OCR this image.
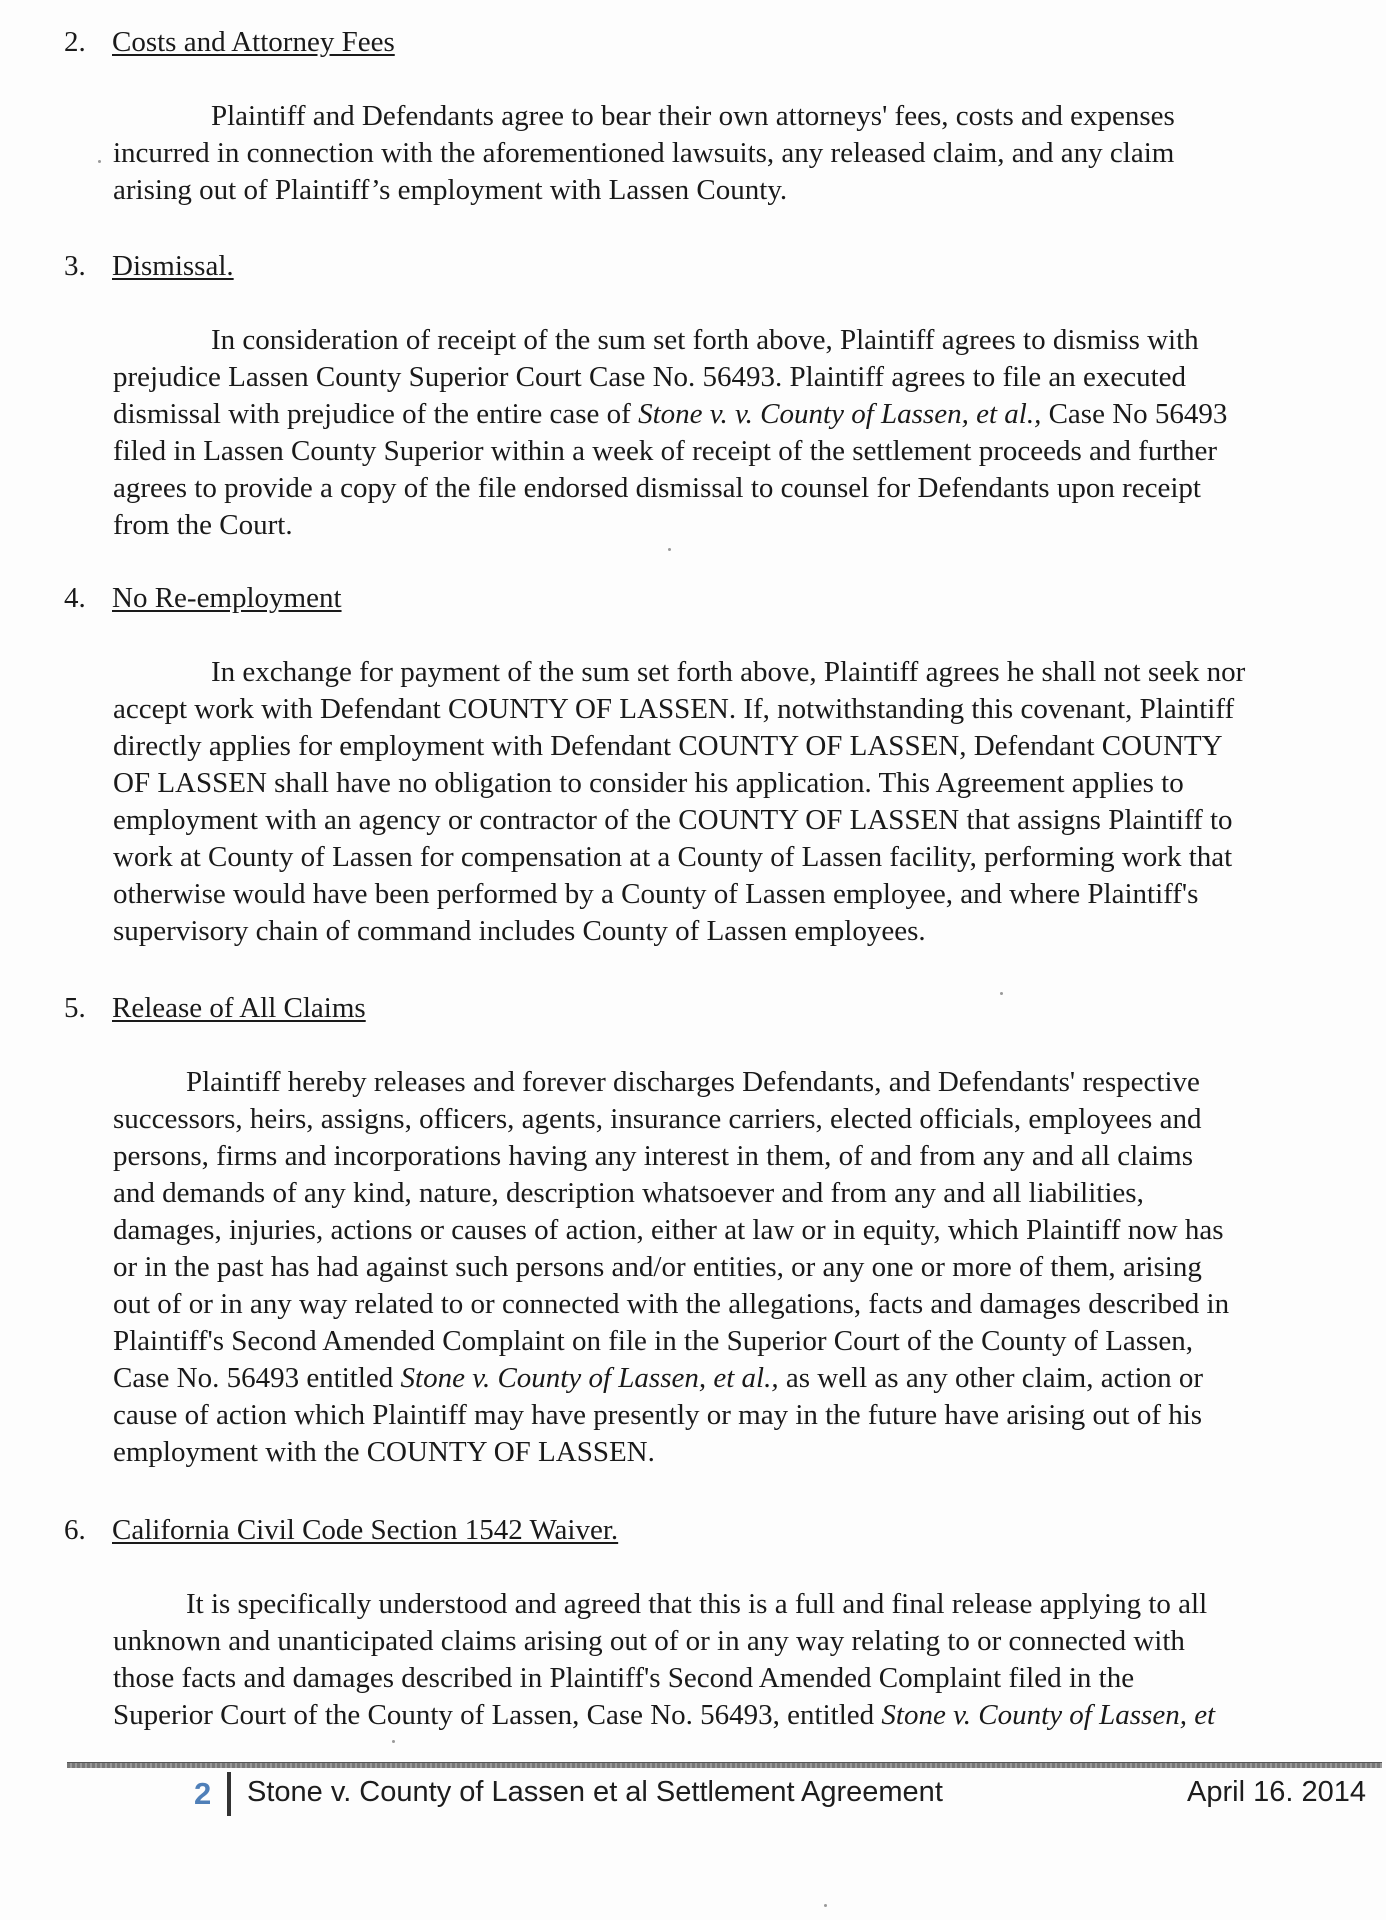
2. Costs and Attorney Fees
Plaintiff and Defendants agree to bear their own attorneys' fees, costs and expenses
incurred in connection with the aforementioned lawsuits, any released claim, and any claim
arising out of Plaintiff’s employment with Lassen County.
3. Dismissal.
In consideration of receipt of the sum set forth above, Plaintiff agrees to dismiss with
prejudice Lassen County Superior Court Case No. 56493. Plaintiff agrees to file an executed
dismissal with prejudice of the entire case of Stone v. v. County of Lassen, et al., Case No 56493
filed in Lassen County Superior within a week of receipt of the settlement proceeds and further
agrees to provide a copy of the file endorsed dismissal to counsel for Defendants upon receipt
from the Court.
4. No Re-employment
In exchange for payment of the sum set forth above, Plaintiff agrees he shall not seek nor
accept work with Defendant COUNTY OF LASSEN. If, notwithstanding this covenant, Plaintiff
directly applies for employment with Defendant COUNTY OF LASSEN, Defendant COUNTY
OF LASSEN shall have no obligation to consider his application. This Agreement applies to
employment with an agency or contractor of the COUNTY OF LASSEN that assigns Plaintiff to
work at County of Lassen for compensation at a County of Lassen facility, performing work that
otherwise would have been performed by a County of Lassen employee, and where Plaintiff's
supervisory chain of command includes County of Lassen employees.
5. Release of All Claims
Plaintiff hereby releases and forever discharges Defendants, and Defendants' respective
successors, heirs, assigns, officers, agents, insurance carriers, elected officials, employees and
persons, firms and incorporations having any interest in them, of and from any and all claims
and demands of any kind, nature, description whatsoever and from any and all liabilities,
damages, injuries, actions or causes of action, either at law or in equity, which Plaintiff now has
or in the past has had against such persons and/or entities, or any one or more of them, arising
out of or in any way related to or connected with the allegations, facts and damages described in
Plaintiff's Second Amended Complaint on file in the Superior Court of the County of Lassen,
Case No. 56493 entitled Stone v. County of Lassen, et al., as well as any other claim, action or
cause of action which Plaintiff may have presently or may in the future have arising out of his
employment with the COUNTY OF LASSEN.
6. California Civil Code Section 1542 Waiver.
It is specifically understood and agreed that this is a full and final release applying to all
unknown and unanticipated claims arising out of or in any way relating to or connected with
those facts and damages described in Plaintiff's Second Amended Complaint filed in the
Superior Court of the County of Lassen, Case No. 56493, entitled Stone v. County of Lassen, et
2 Stone v. County of Lassen et al Settlement Agreement	April 16. 2014
